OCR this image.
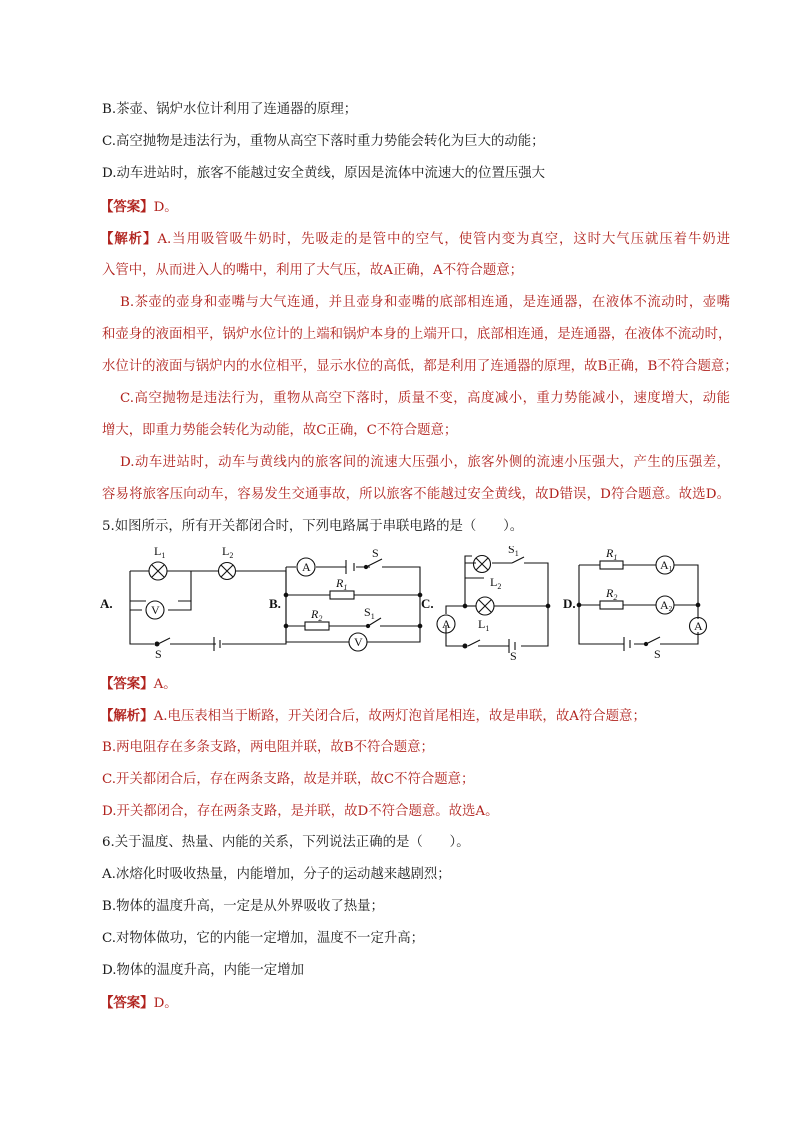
B.茶壶、锅炉水位计利用了连通器的原理；
C.高空抛物是违法行为，重物从高空下落时重力势能会转化为巨大的动能；
D.动车进站时，旅客不能越过安全黄线，原因是流体中流速大的位置压强大
【答案】D。
【解析】A.当用吸管吸牛奶时，先吸走的是管中的空气，使管内变为真空，这时大气压就压着牛奶进
入管中，从而进入人的嘴中，利用了大气压，故A正确，A不符合题意；
B.茶壶的壶身和壶嘴与大气连通，并且壶身和壶嘴的底部相连通，是连通器，在液体不流动时，壶嘴
和壶身的液面相平，锅炉水位计的上端和锅炉本身的上端开口，底部相连通，是连通器，在液体不流动时，
水位计的液面与锅炉内的水位相平，显示水位的高低，都是利用了连通器的原理，故B正确，B不符合题意；
C.高空抛物是违法行为，重物从高空下落时，质量不变，高度减小，重力势能减小，速度增大，动能
增大，即重力势能会转化为动能，故C正确，C不符合题意；
D.动车进站时，动车与黄线内的旅客间的流速大压强小，旅客外侧的流速小压强大，产生的压强差，
容易将旅客压向动车，容易发生交通事故，所以旅客不能越过安全黄线，故D错误，D符合题意。故选D。
5.如图所示，所有开关都闭合时，下列电路属于串联电路的是（　　）。
A.	B.	C.	D.
$L_1$	$L_2$
V
S
A
S
$R_1$
$R_2$	$S_1$
V
$S_1$
$L_2$
$L_1$
A
S
$R_1$
$R_2$
A1
A2
A
S
【答案】A。
【解析】A.电压表相当于断路，开关闭合后，故两灯泡首尾相连，故是串联，故A符合题意；
B.两电阻存在多条支路，两电阻并联，故B不符合题意；
C.开关都闭合后，存在两条支路，故是并联，故C不符合题意；
D.开关都闭合，存在两条支路，是并联，故D不符合题意。故选A。
6.关于温度、热量、内能的关系，下列说法正确的是（　　）。
A.冰熔化时吸收热量，内能增加，分子的运动越来越剧烈；
B.物体的温度升高，一定是从外界吸收了热量；
C.对物体做功，它的内能一定增加，温度不一定升高；
D.物体的温度升高，内能一定增加
【答案】D。
